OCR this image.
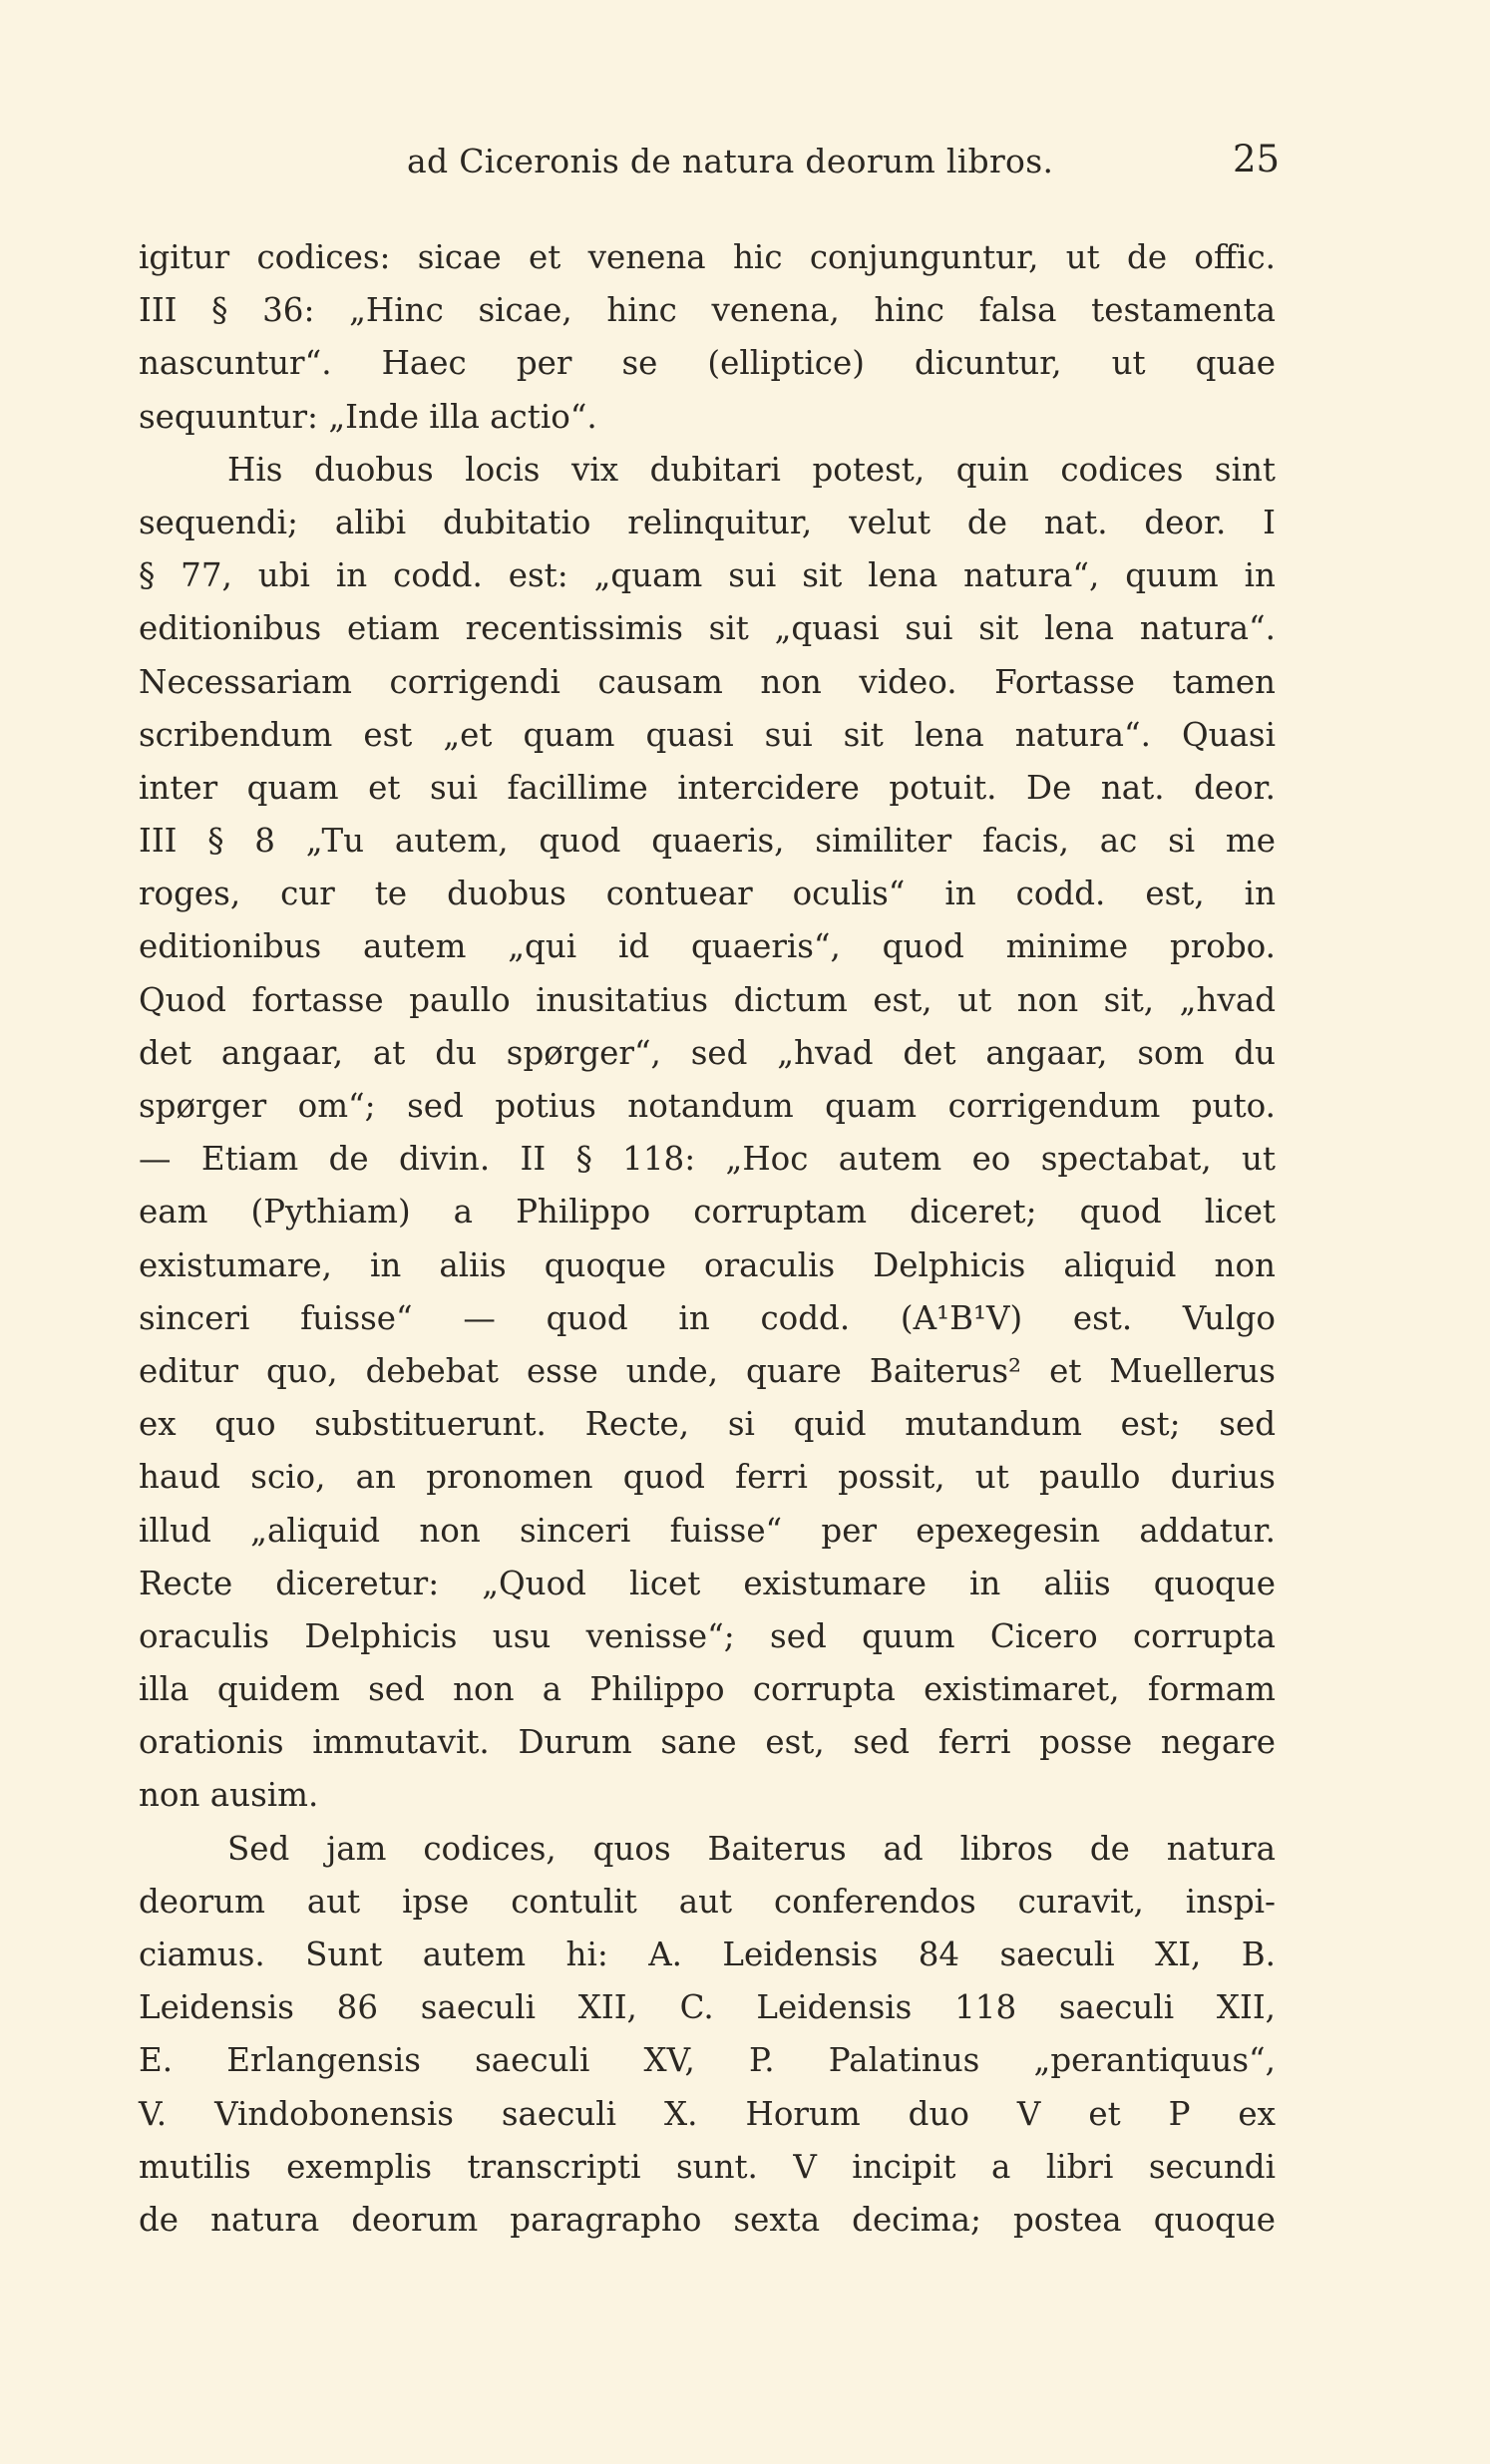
ad Ciceronis de natura deorum libros.	25
igitur codices: sicae et venena hic conjunguntur, ut de offic.
III § 36: „Hinc sicae, hinc venena, hinc falsa testamenta
nascuntur“. Haec per se (elliptice) dicuntur, ut quae
sequuntur: „Inde illa actio“.
His duobus locis vix dubitari potest, quin codices sint
sequendi; alibi dubitatio relinquitur, velut de nat. deor. I
§ 77, ubi in codd. est: „quam sui sit lena natura“, quum in
editionibus etiam recentissimis sit „quasi sui sit lena natura“.
Necessariam corrigendi causam non video. Fortasse tamen
scribendum est „et quam quasi sui sit lena natura“. Quasi
inter quam et sui facillime intercidere potuit. De nat. deor.
III § 8 „Tu autem, quod quaeris, similiter facis, ac si me
roges, cur te duobus contuear oculis“ in codd. est, in
editionibus autem „qui id quaeris“, quod minime probo.
Quod fortasse paullo inusitatius dictum est, ut non sit, „hvad
det angaar, at du spørger“, sed „hvad det angaar, som du
spørger om“; sed potius notandum quam corrigendum puto.
— Etiam de divin. II § 118: „Hoc autem eo spectabat, ut
eam (Pythiam) a Philippo corruptam diceret; quod licet
existumare, in aliis quoque oraculis Delphicis aliquid non
sinceri fuisse“ — quod in codd. (A¹B¹V) est. Vulgo
editur quo, debebat esse unde, quare Baiterus² et Muellerus
ex quo substituerunt. Recte, si quid mutandum est; sed
haud scio, an pronomen quod ferri possit, ut paullo durius
illud „aliquid non sinceri fuisse“ per epexegesin addatur.
Recte diceretur: „Quod licet existumare in aliis quoque
oraculis Delphicis usu venisse“; sed quum Cicero corrupta
illa quidem sed non a Philippo corrupta existimaret, formam
orationis immutavit. Durum sane est, sed ferri posse negare
non ausim.
Sed jam codices, quos Baiterus ad libros de natura
deorum aut ipse contulit aut conferendos curavit, inspi-
ciamus. Sunt autem hi: A. Leidensis 84 saeculi XI, B.
Leidensis 86 saeculi XII, C. Leidensis 118 saeculi XII,
E. Erlangensis saeculi XV, P. Palatinus „perantiquus“,
V. Vindobonensis saeculi X. Horum duo V et P ex
mutilis exemplis transcripti sunt. V incipit a libri secundi
de natura deorum paragrapho sexta decima; postea quoque
